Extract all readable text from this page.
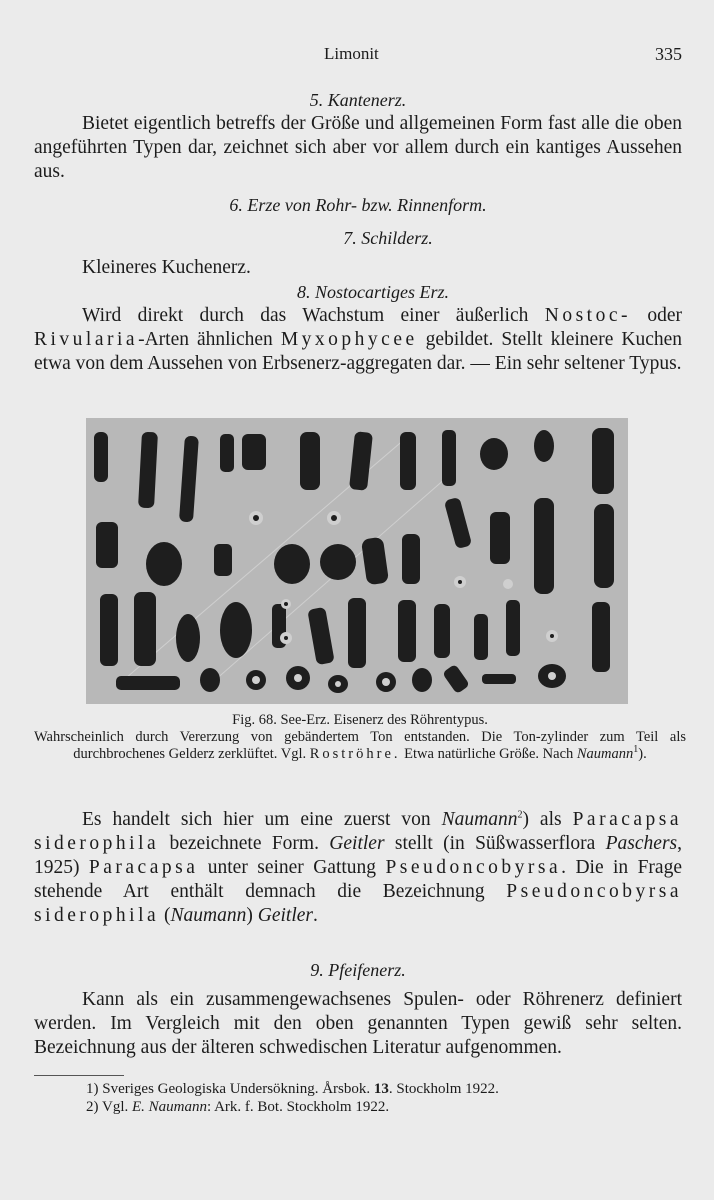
Limonit	335
5. Kantenerz.
Bietet eigentlich betreffs der Größe und allgemeinen Form fast alle die oben angeführten Typen dar, zeichnet sich aber vor allem durch ein kantiges Aussehen aus.
6. Erze von Rohr- bzw. Rinnenform.
7. Schilderz.
Kleineres Kuchenerz.
8. Nostocartiges Erz.
Wird direkt durch das Wachstum einer äußerlich Nostoc- oder Rivularia-Arten ähnlichen Myxophycee gebildet. Stellt kleinere Kuchen etwa von dem Aussehen von Erbsenerz-aggregaten dar. — Ein sehr seltener Typus.
Fig. 68. See-Erz. Eisenerz des Röhrentypus.
Wahrscheinlich durch Vererzung von gebändertem Ton entstanden. Die Ton-zylinder zum Teil als durchbrochenes Gelderz zerklüftet. Vgl. Roströhre. Etwa natürliche Größe. Nach Naumann$^1$).
Es handelt sich hier um eine zuerst von Naumann$^2$) als Paracapsa siderophila bezeichnete Form. Geitler stellt (in Süßwasserflora Paschers, 1925) Paracapsa unter seiner Gattung Pseudoncobyrsa. Die in Frage stehende Art enthält demnach die Bezeichnung Pseudoncobyrsa siderophila (Naumann) Geitler.
9. Pfeifenerz.
Kann als ein zusammengewachsenes Spulen- oder Röhrenerz definiert werden. Im Vergleich mit den oben genannten Typen gewiß sehr selten. Bezeichnung aus der älteren schwedischen Literatur aufgenommen.
1) Sveriges Geologiska Undersökning. Årsbok. 13. Stockholm 1922.
2) Vgl. E. Naumann: Ark. f. Bot. Stockholm 1922.
